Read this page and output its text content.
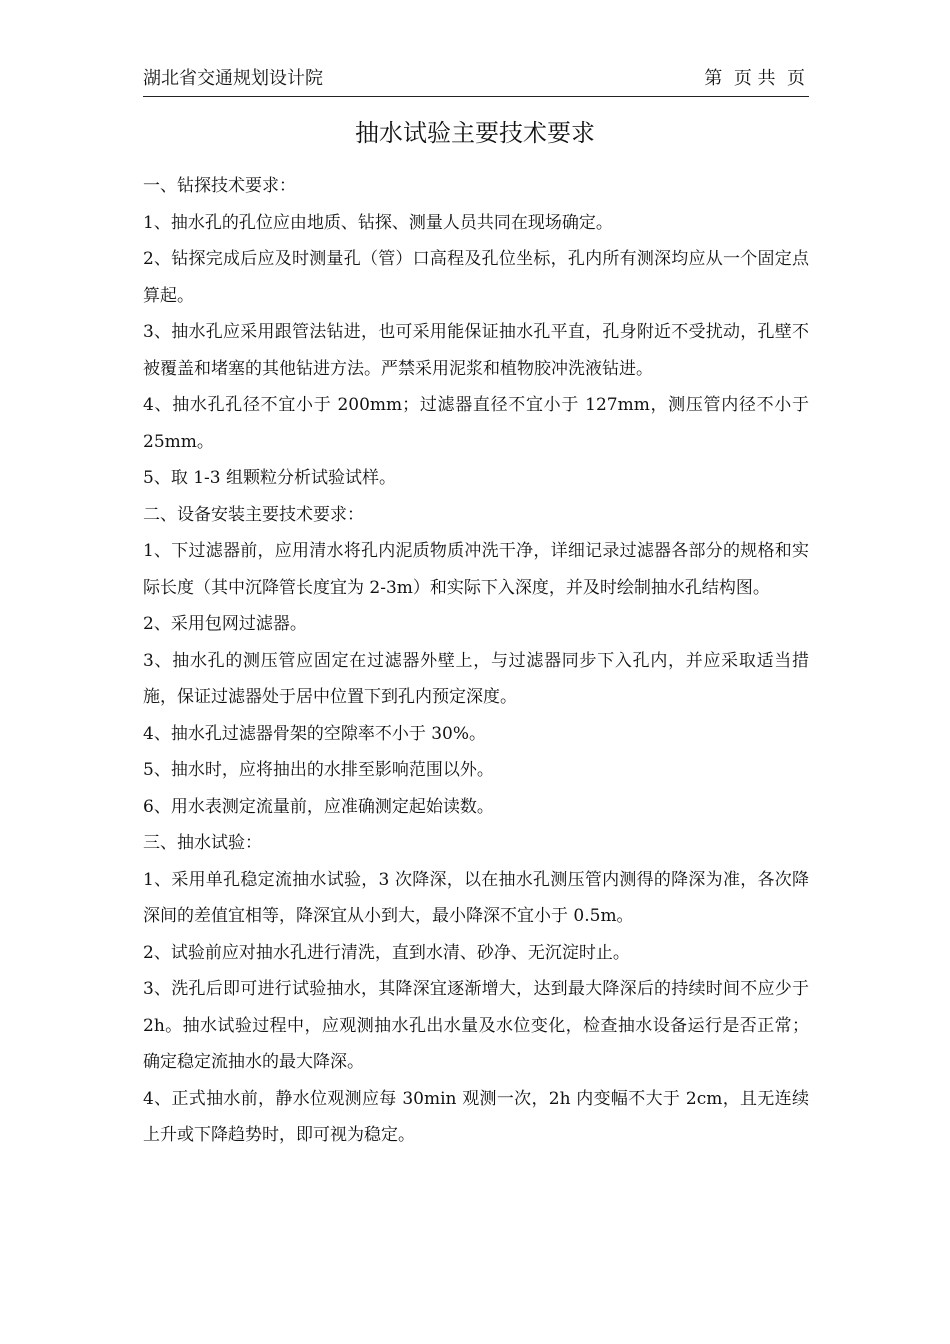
湖北省交通规划设计院	第  页 共  页
抽水试验主要技术要求

一、钻探技术要求：

1、抽水孔的孔位应由地质、钻探、测量人员共同在现场确定。

2、钻探完成后应及时测量孔（管）口高程及孔位坐标，孔内所有测深均应从一个固定点算起。

3、抽水孔应采用跟管法钻进，也可采用能保证抽水孔平直，孔身附近不受扰动，孔壁不被覆盖和堵塞的其他钻进方法。严禁采用泥浆和植物胶冲洗液钻进。

4、抽水孔孔径不宜小于 200mm；过滤器直径不宜小于 127mm，测压管内径不小于 25mm。

5、取 1-3 组颗粒分析试验试样。

二、设备安装主要技术要求：

1、下过滤器前，应用清水将孔内泥质物质冲洗干净，详细记录过滤器各部分的规格和实际长度（其中沉降管长度宜为 2-3m）和实际下入深度，并及时绘制抽水孔结构图。

2、采用包网过滤器。

3、抽水孔的测压管应固定在过滤器外壁上，与过滤器同步下入孔内，并应采取适当措施，保证过滤器处于居中位置下到孔内预定深度。

4、抽水孔过滤器骨架的空隙率不小于 30%。

5、抽水时，应将抽出的水排至影响范围以外。

6、用水表测定流量前，应准确测定起始读数。

三、抽水试验：

1、采用单孔稳定流抽水试验，3 次降深，以在抽水孔测压管内测得的降深为准，各次降深间的差值宜相等，降深宜从小到大，最小降深不宜小于 0.5m。

2、试验前应对抽水孔进行清洗，直到水清、砂净、无沉淀时止。

3、洗孔后即可进行试验抽水，其降深宜逐渐增大，达到最大降深后的持续时间不应少于 2h。抽水试验过程中，应观测抽水孔出水量及水位变化，检查抽水设备运行是否正常；确定稳定流抽水的最大降深。

4、正式抽水前，静水位观测应每 30min 观测一次，2h 内变幅不大于 2cm，且无连续上升或下降趋势时，即可视为稳定。
